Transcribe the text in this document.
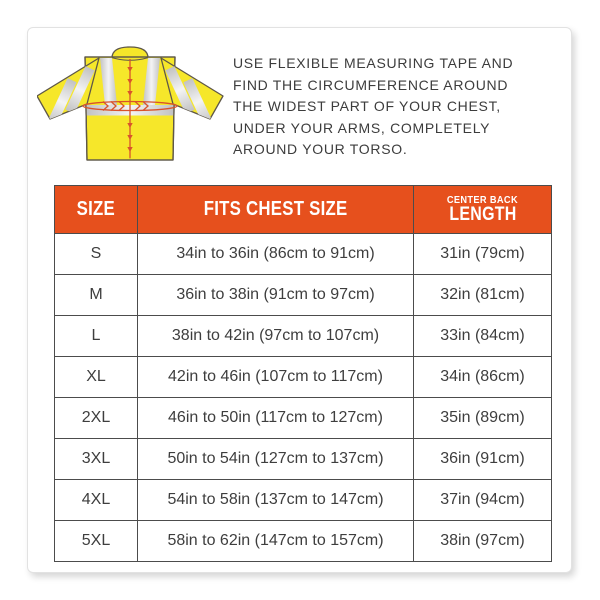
USE FLEXIBLE MEASURING TAPE AND
FIND THE CIRCUMFERENCE AROUND
THE WIDEST PART OF YOUR CHEST,
UNDER YOUR ARMS, COMPLETELY
AROUND YOUR TORSO.
SIZE	FITS CHEST SIZE	CENTER BACK
LENGTH

S	34in to 36in (86cm to 91cm)	31in (79cm)
M	36in to 38in (91cm to 97cm)	32in (81cm)
L	38in to 42in (97cm to 107cm)	33in (84cm)
XL	42in to 46in (107cm to 117cm)	34in (86cm)
2XL	46in to 50in (117cm to 127cm)	35in (89cm)
3XL	50in to 54in (127cm to 137cm)	36in (91cm)
4XL	54in to 58in (137cm to 147cm)	37in (94cm)
5XL	58in to 62in (147cm to 157cm)	38in (97cm)
